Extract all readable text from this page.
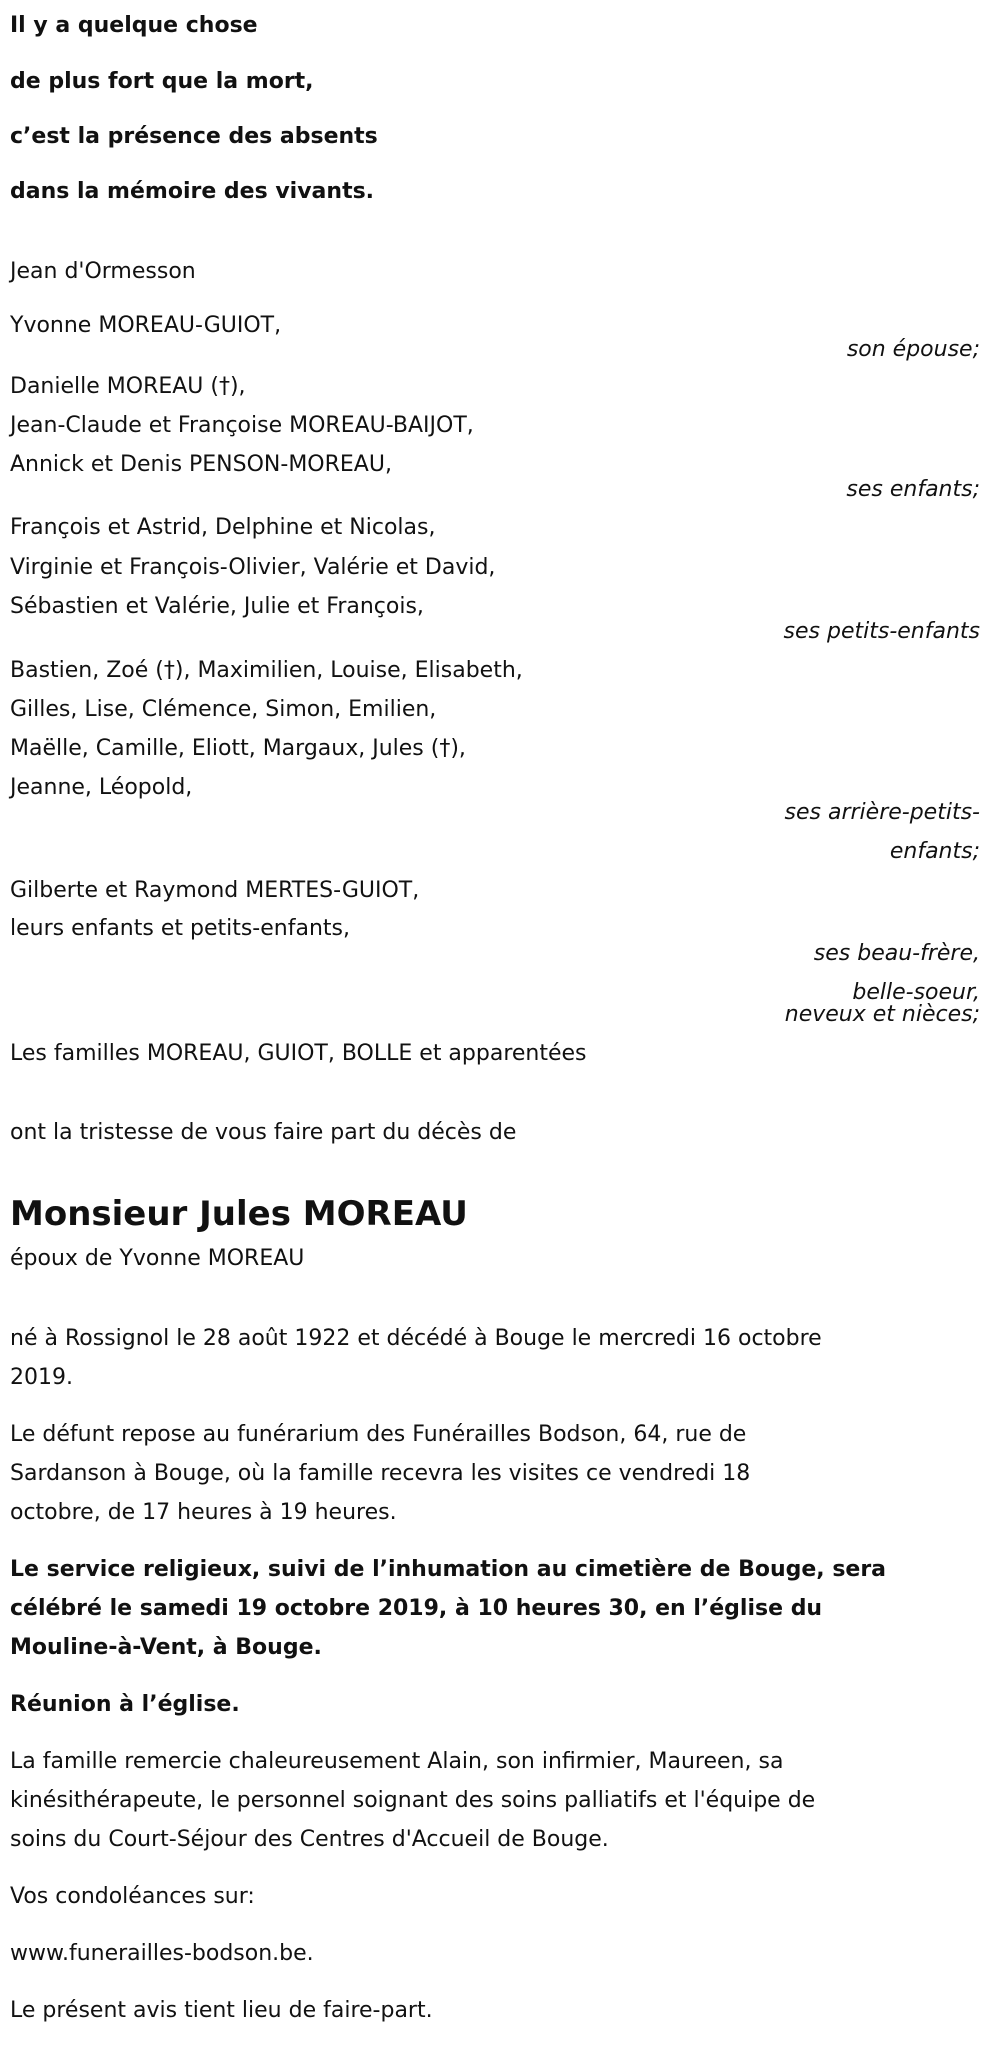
Il y a quelque chose
de plus fort que la mort,
c’est la présence des absents
dans la mémoire des vivants.
Jean d'Ormesson
Yvonne MOREAU-GUIOT,
son épouse;
Danielle MOREAU (†),
Jean-Claude et Françoise MOREAU-BAIJOT,
Annick et Denis PENSON-MOREAU,
ses enfants;
François et Astrid, Delphine et Nicolas,
Virginie et François-Olivier, Valérie et David,
Sébastien et Valérie, Julie et François,
ses petits-enfants
Bastien, Zoé (†), Maximilien, Louise, Elisabeth,
Gilles, Lise, Clémence, Simon, Emilien,
Maëlle, Camille, Eliott, Margaux, Jules (†),
Jeanne, Léopold,
ses arrière-petits-
enfants;
Gilberte et Raymond MERTES-GUIOT,
leurs enfants et petits-enfants,
ses beau-frère,
belle-soeur,
neveux et nièces;
Les familles MOREAU, GUIOT, BOLLE et apparentées
ont la tristesse de vous faire part du décès de
Monsieur Jules MOREAU
époux de Yvonne MOREAU
né à Rossignol le 28 août 1922 et décédé à Bouge le mercredi 16 octobre
2019.
Le défunt repose au funérarium des Funérailles Bodson, 64, rue de
Sardanson à Bouge, où la famille recevra les visites ce vendredi 18
octobre, de 17 heures à 19 heures.
Le service religieux, suivi de l’inhumation au cimetière de Bouge, sera
célébré le samedi 19 octobre 2019, à 10 heures 30, en l’église du
Mouline-à-Vent, à Bouge.
Réunion à l’église.
La famille remercie chaleureusement Alain, son infirmier, Maureen, sa
kinésithérapeute, le personnel soignant des soins palliatifs et l'équipe de
soins du Court-Séjour des Centres d'Accueil de Bouge.
Vos condoléances sur:
www.funerailles-bodson.be.
Le présent avis tient lieu de faire-part.
